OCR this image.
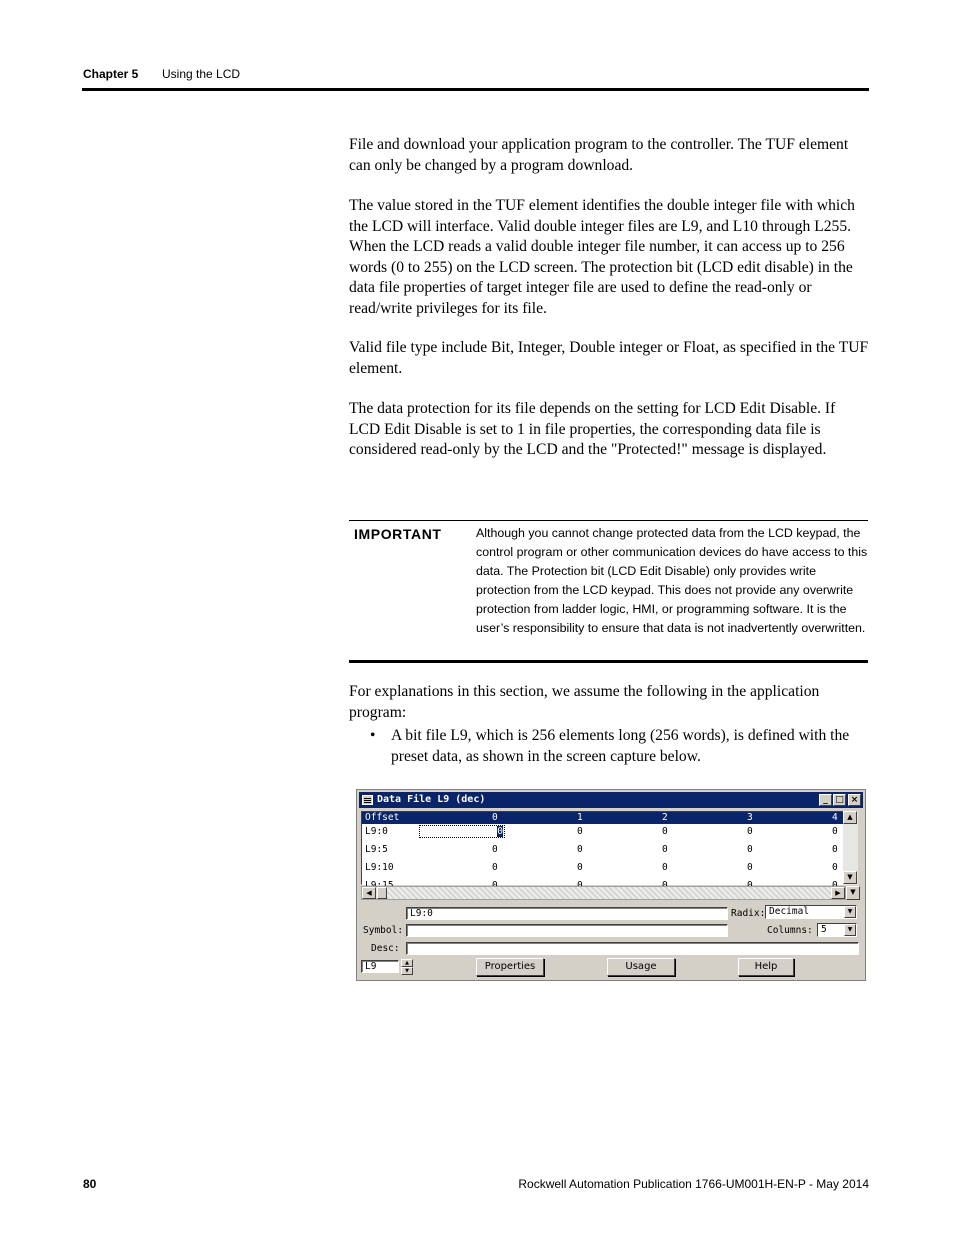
Chapter 5 Using the LCD

File and download your application program to the controller. The TUF element can only be changed by a program download.

The value stored in the TUF element identifies the double integer file with which the LCD will interface. Valid double integer files are L9, and L10 through L255. When the LCD reads a valid double integer file number, it can access up to 256 words (0 to 255) on the LCD screen. The protection bit (LCD edit disable) in the data file properties of target integer file are used to define the read-only or read/write privileges for its file.

Valid file type include Bit, Integer, Double integer or Float, as specified in the TUF element.

The data protection for its file depends on the setting for LCD Edit Disable. If LCD Edit Disable is set to 1 in file properties, the corresponding data file is considered read-only by the LCD and the "Protected!" message is displayed.

IMPORTANT	Although you cannot change protected data from the LCD keypad, the control program or other communication devices do have access to this data. The Protection bit (LCD Edit Disable) only provides write protection from the LCD keypad. This does not provide any overwrite protection from ladder logic, HMI, or programming software. It is the user’s responsibility to ensure that data is not inadvertently overwritten.

For explanations in this section, we assume the following in the application program:

• A bit file L9, which is 256 elements long (256 words), is defined with the preset data, as shown in the screen capture below.

Data File L9 (dec)	_ □ ×
Offset	0	1	2	3	4
L9:0	0	0	0	0	0
L9:5	0	0	0	0	0
L9:10	0	0	0	0	0
▲
▼
◀	▶	▼
L9:0	Radix: Decimal	▼
Symbol:	Columns: 5	▼
Desc:
L9	▲
▼	Properties	Usage	Help
80	Rockwell Automation Publication 1766-UM001H-EN-P - May 2014
